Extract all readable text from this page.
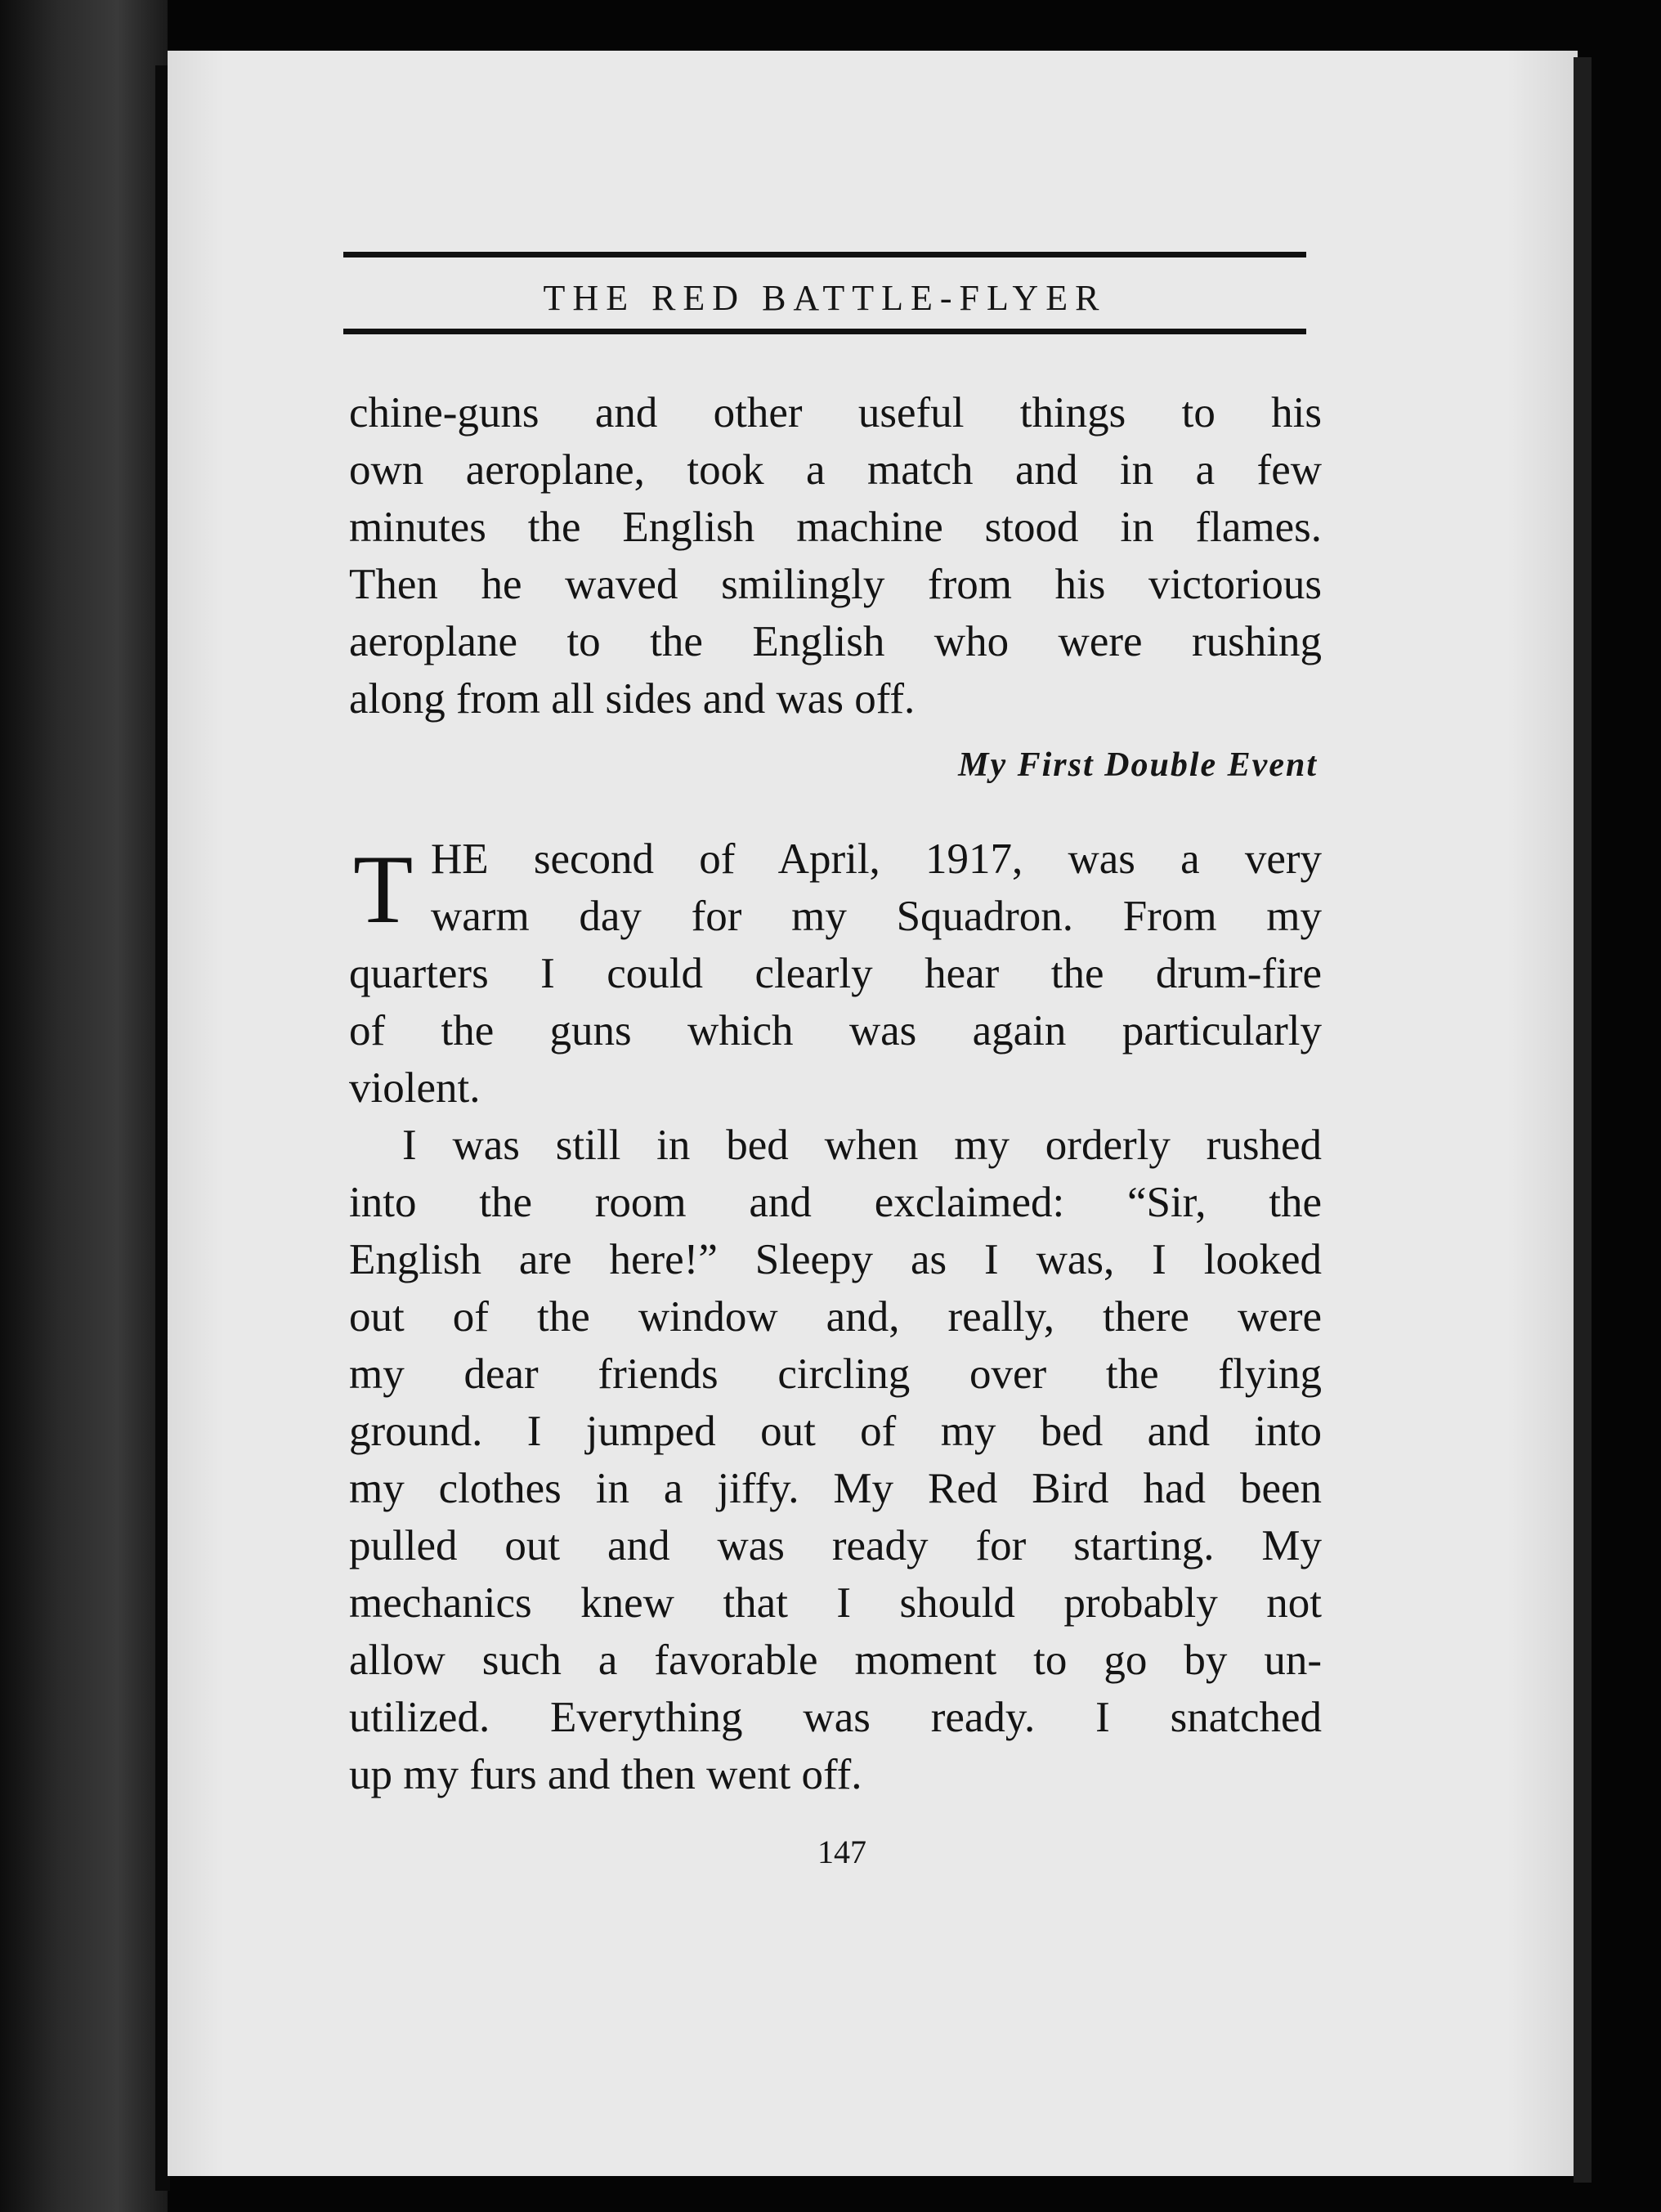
THE RED BATTLE-FLYER
chine-guns and other useful things to his
own aeroplane, took a match and in a few
minutes the English machine stood in flames.
Then he waved smilingly from his victorious
aeroplane to the English who were rushing
along from all sides and was off.
My First Double Event
T HE second of April, 1917, was a very
warm day for my Squadron. From my
quarters I could clearly hear the drum-fire
of the guns which was again particularly
violent.
I was still in bed when my orderly rushed
into the room and exclaimed: “Sir, the
English are here!” Sleepy as I was, I looked
out of the window and, really, there were
my dear friends circling over the flying
ground. I jumped out of my bed and into
my clothes in a jiffy. My Red Bird had been
pulled out and was ready for starting. My
mechanics knew that I should probably not
allow such a favorable moment to go by un-
utilized. Everything was ready. I snatched
up my furs and then went off.
147
